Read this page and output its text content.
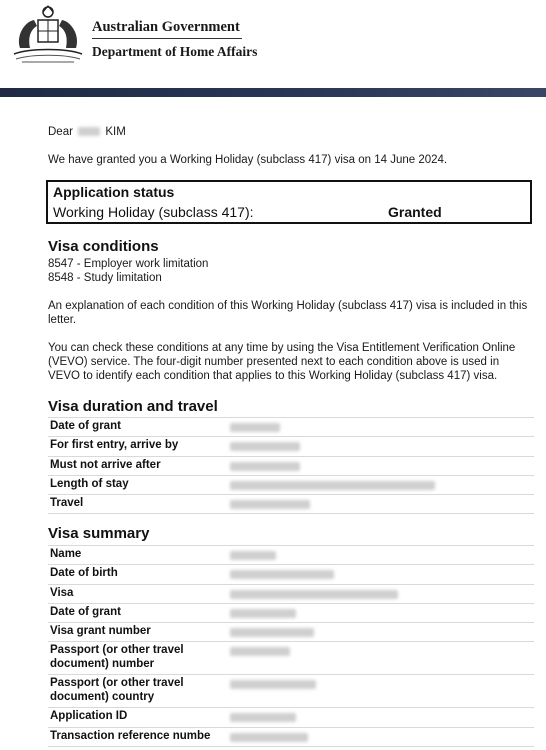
Australian Government
Department of Home Affairs
Dear	KIM
We have granted you a Working Holiday (subclass 417) visa on 14 June 2024.
Application status
Working Holiday (subclass 417):	Granted
Visa conditions
8547 - Employer work limitation
8548 - Study limitation
An explanation of each condition of this Working Holiday (subclass 417) visa is included in this letter.
You can check these conditions at any time by using the Visa Entitlement Verification Online (VEVO) service. The four-digit number presented next to each condition above is used in VEVO to identify each condition that applies to this Working Holiday (subclass 417) visa.
Visa duration and travel
Date of grant
For first entry, arrive by
Must not arrive after
Length of stay
Travel
Visa summary
Name
Date of birth
Visa
Date of grant
Visa grant number
Passport (or other travel document) number
Passport (or other travel document) country
Application ID
Transaction reference numbe
